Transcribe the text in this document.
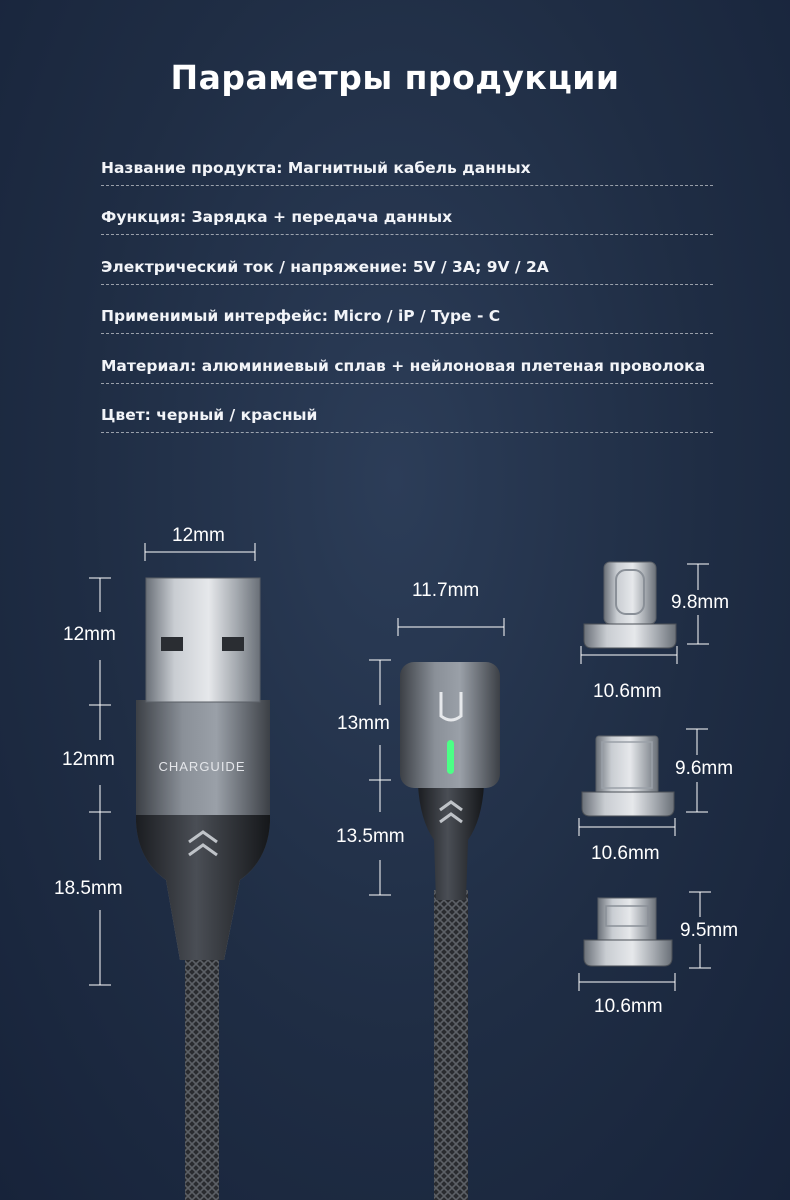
Параметры продукции
Название продукта: Магнитный кабель данных
Функция: Зарядка + передача данных
Электрический ток / напряжение: 5V / 3A; 9V / 2A
Применимый интерфейс: Micro / iP / Type - C
Материал: алюминиевый сплав + нейлоновая плетеная проволока
Цвет: черный / красный
CHARGUIDE
12mm
12mm
12mm
18.5mm
11.7mm
13mm
13.5mm
9.8mm
10.6mm
9.6mm
10.6mm
9.5mm
10.6mm
